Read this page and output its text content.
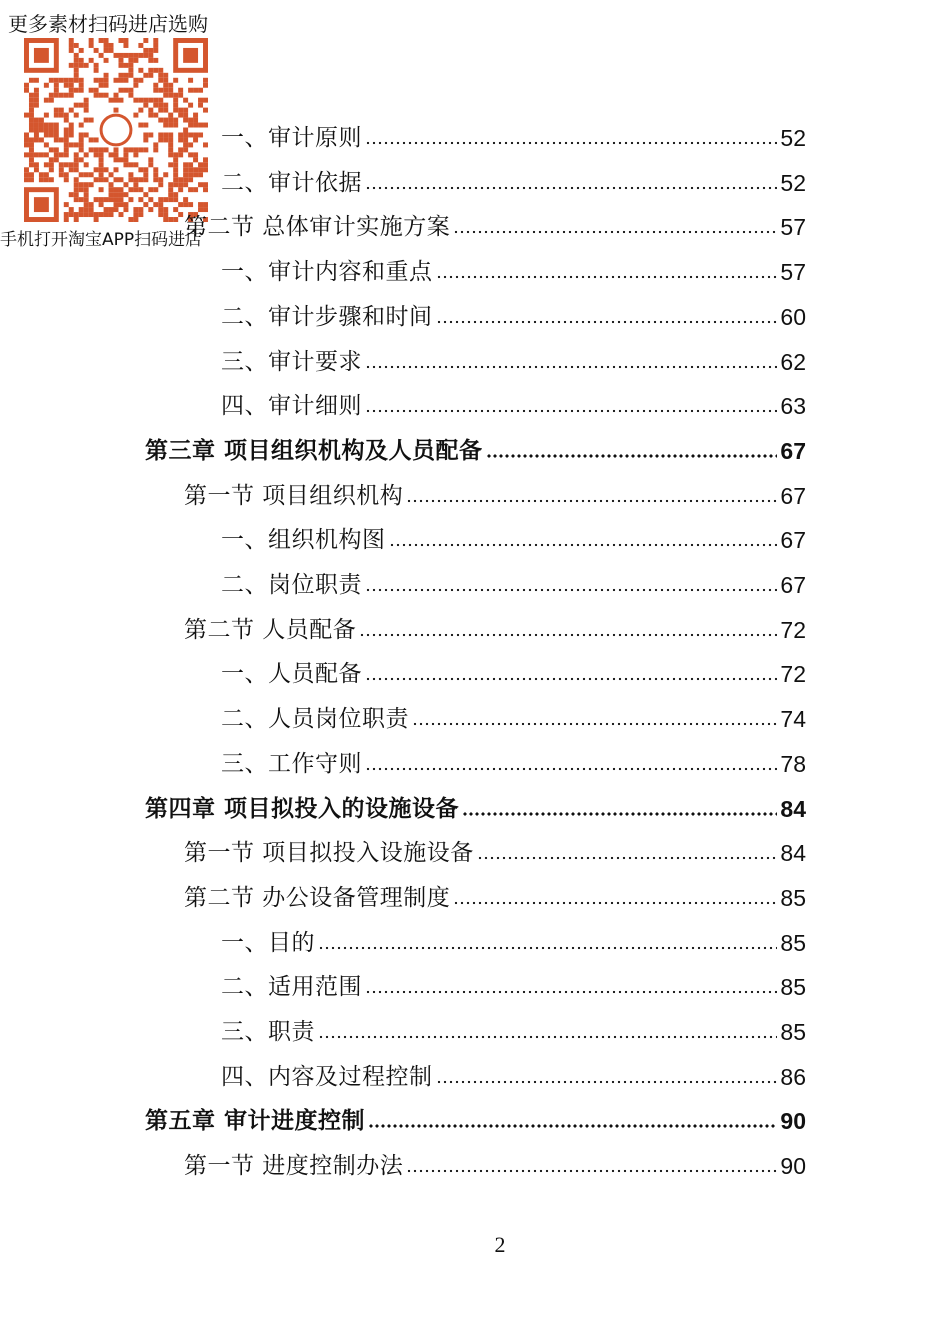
更多素材扫码进店选购
手机打开淘宝APP扫码进店
一、审计原则	52
二、审计依据	52
第二节 总体审计实施方案	57
一、审计内容和重点	57
二、审计步骤和时间	60
三、审计要求	62
四、审计细则	63
第三章 项目组织机构及人员配备	67
第一节 项目组织机构	67
一、组织机构图	67
二、岗位职责	67
第二节 人员配备	72
一、人员配备	72
二、人员岗位职责	74
三、工作守则	78
第四章 项目拟投入的设施设备	84
第一节 项目拟投入设施设备	84
第二节 办公设备管理制度	85
一、目的	85
二、适用范围	85
三、职责	85
四、内容及过程控制	86
第五章 审计进度控制	90
第一节 进度控制办法	90
2
